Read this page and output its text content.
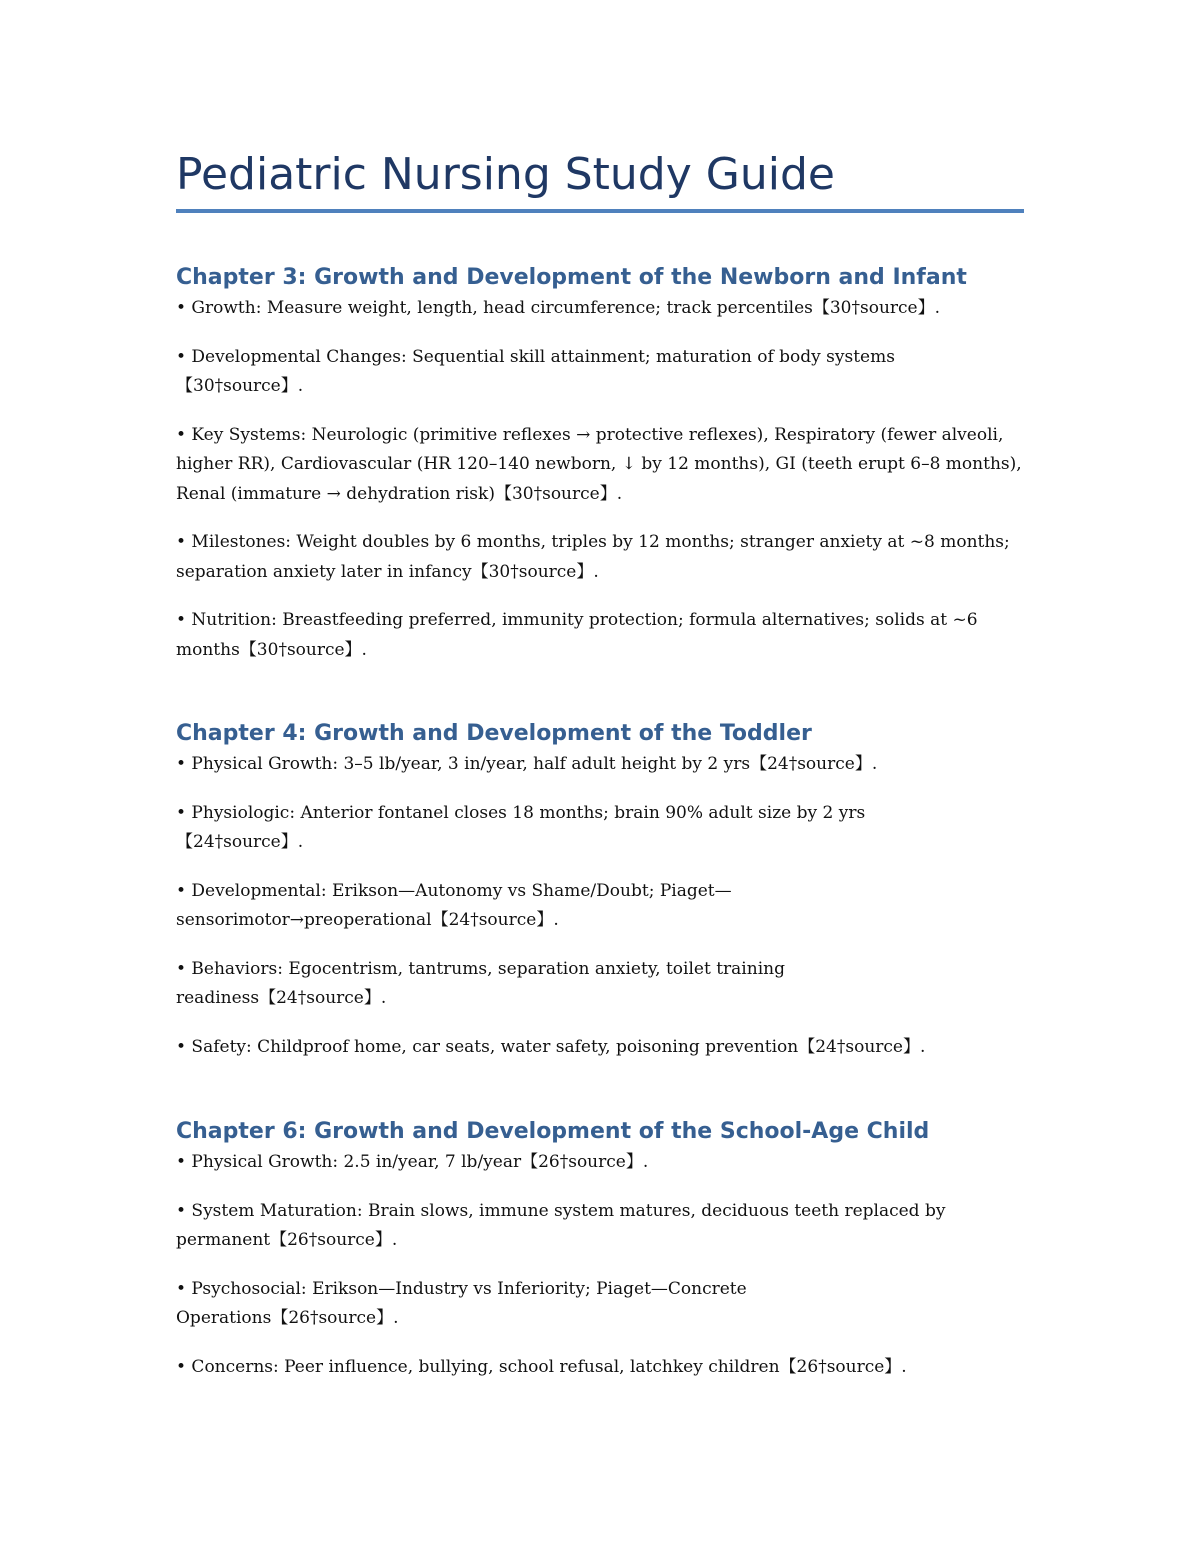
Pediatric Nursing Study Guide
Chapter 3: Growth and Development of the Newborn and Infant

• Growth: Measure weight, length, head circumference; track percentiles【30†source】.

• Developmental Changes: Sequential skill attainment; maturation of body systems【30†source】.

• Key Systems: Neurologic (primitive reflexes → protective reflexes), Respiratory (fewer alveoli, higher RR), Cardiovascular (HR 120–140 newborn, ↓ by 12 months), GI (teeth erupt 6–8 months), Renal (immature → dehydration risk)【30†source】.

• Milestones: Weight doubles by 6 months, triples by 12 months; stranger anxiety at ~8 months; separation anxiety later in infancy【30†source】.

• Nutrition: Breastfeeding preferred, immunity protection; formula alternatives; solids at ~6 months【30†source】.

Chapter 4: Growth and Development of the Toddler

• Physical Growth: 3–5 lb/year, 3 in/year, half adult height by 2 yrs【24†source】.

• Physiologic: Anterior fontanel closes 18 months; brain 90% adult size by 2 yrs【24†source】.

• Developmental: Erikson—Autonomy vs Shame/Doubt; Piaget—sensorimotor→preoperational【24†source】.

• Behaviors: Egocentrism, tantrums, separation anxiety, toilet training readiness【24†source】.

• Safety: Childproof home, car seats, water safety, poisoning prevention【24†source】.

Chapter 6: Growth and Development of the School-Age Child

• Physical Growth: 2.5 in/year, 7 lb/year【26†source】.

• System Maturation: Brain slows, immune system matures, deciduous teeth replaced by permanent【26†source】.

• Psychosocial: Erikson—Industry vs Inferiority; Piaget—Concrete Operations【26†source】.

• Concerns: Peer influence, bullying, school refusal, latchkey children【26†source】.
